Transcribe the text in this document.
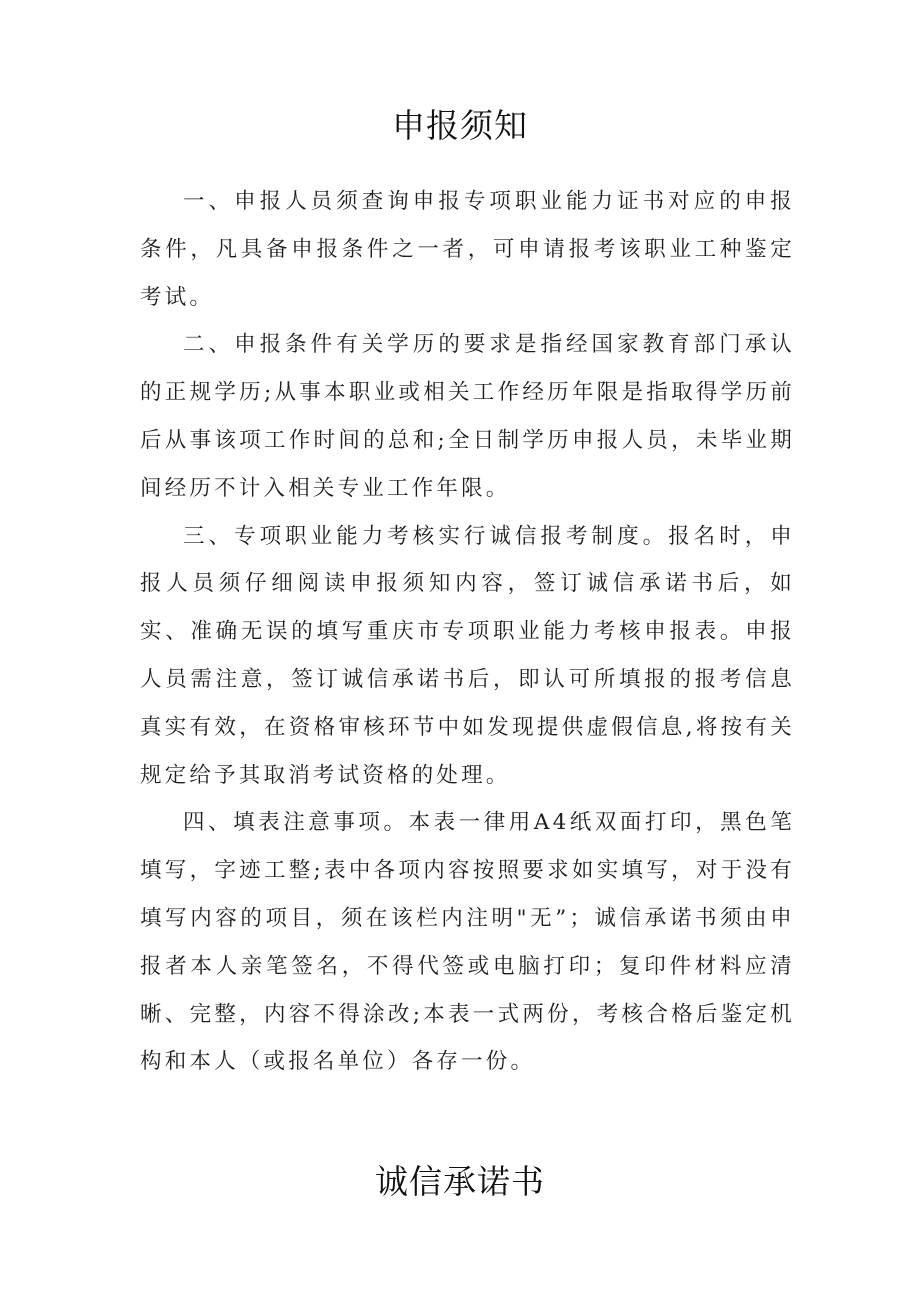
申报须知

一、申报人员须查询申报专项职业能力证书对应的申报条件，凡具备申报条件之一者，可申请报考该职业工种鉴定考试。

二、申报条件有关学历的要求是指经国家教育部门承认的正规学历;从事本职业或相关工作经历年限是指取得学历前后从事该项工作时间的总和;全日制学历申报人员，未毕业期间经历不计入相关专业工作年限。

三、专项职业能力考核实行诚信报考制度。报名时，申报人员须仔细阅读申报须知内容，签订诚信承诺书后，如实、准确无误的填写重庆市专项职业能力考核申报表。申报人员需注意，签订诚信承诺书后，即认可所填报的报考信息真实有效，在资格审核环节中如发现提供虚假信息,将按有关规定给予其取消考试资格的处理。

四、填表注意事项。本表一律用A4纸双面打印，黑色笔填写，字迹工整;表中各项内容按照要求如实填写，对于没有填写内容的项目，须在该栏内注明"无”；诚信承诺书须由申报者本人亲笔签名，不得代签或电脑打印；复印件材料应清晰、完整，内容不得涂改;本表一式两份，考核合格后鉴定机构和本人（或报名单位）各存一份。

诚信承诺书
